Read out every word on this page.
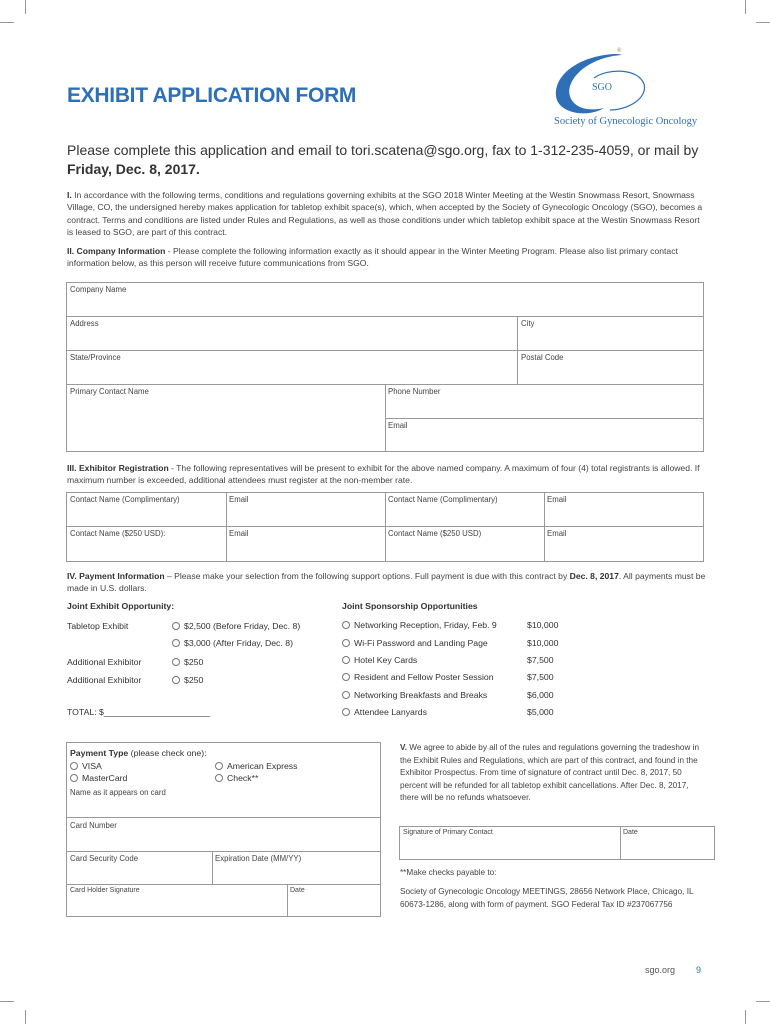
EXHIBIT APPLICATION FORM	SGO
®
Society of Gynecologic Oncology
Please complete this application and email to tori.scatena@sgo.org, fax to 1-312-235-4059, or mail by Friday, Dec. 8, 2017.
I. In accordance with the following terms, conditions and regulations governing exhibits at the SGO 2018 Winter Meeting at the Westin Snowmass Resort, Snowmass Village, CO, the undersigned hereby makes application for tabletop exhibit space(s), which, when accepted by the Society of Gynecologic Oncology (SGO), becomes a contract. Terms and conditions are listed under Rules and Regulations, as well as those conditions under which tabletop exhibit space at the Westin Snowmass Resort is leased to SGO, are part of this contract.
II. Company Information - Please complete the following information exactly as it should appear in the Winter Meeting Program. Please also list primary contact information below, as this person will receive future communications from SGO.
Company Name
Address	City
State/Province	Postal Code
Primary Contact Name	Phone Number
Email
III. Exhibitor Registration - The following representatives will be present to exhibit for the above named company. A maximum of four (4) total registrants is allowed. If maximum number is exceeded, additional attendees must register at the non-member rate.
Contact Name (Complimentary)	Email	Contact Name (Complimentary)	Email
Contact Name ($250 USD):	Email	Contact Name ($250 USD)	Email
IV. Payment Information – Please make your selection from the following support options. Full payment is due with this contract by Dec. 8, 2017. All payments must be made in U.S. dollars.
Joint Exhibit Opportunity:
Tabletop Exhibit	$2,500 (Before Friday, Dec. 8)
$3,000 (After Friday, Dec. 8)
Additional Exhibitor	$250
Additional Exhibitor	$250
TOTAL: $______________________
Joint Sponsorship Opportunities
Networking Reception, Friday, Feb. 9	$10,000
Wi-Fi Password and Landing Page	$10,000
Hotel Key Cards	$7,500
Resident and Fellow Poster Session	$7,500
Networking Breakfasts and Breaks	$6,000
Attendee Lanyards	$5,000
Payment Type (please check one):
VISA
MasterCard
American Express
Check**
Name as it appears on card
Card Number
Card Security Code	Expiration Date (MM/YY)
Card Holder Signature	Date
V. We agree to abide by all of the rules and regulations governing the tradeshow in the Exhibit Rules and Regulations, which are part of this contract, and found in the Exhibitor Prospectus. From time of signature of contract until Dec. 8, 2017, 50 percent will be refunded for all tabletop exhibit cancellations. After Dec. 8, 2017, there will be no refunds whatsoever.
Signature of Primary Contact	Date
**Make checks payable to:
Society of Gynecologic Oncology MEETINGS, 28656 Network Place, Chicago, IL 60673-1286, along with form of payment. SGO Federal Tax ID #237067756
sgo.org 9
